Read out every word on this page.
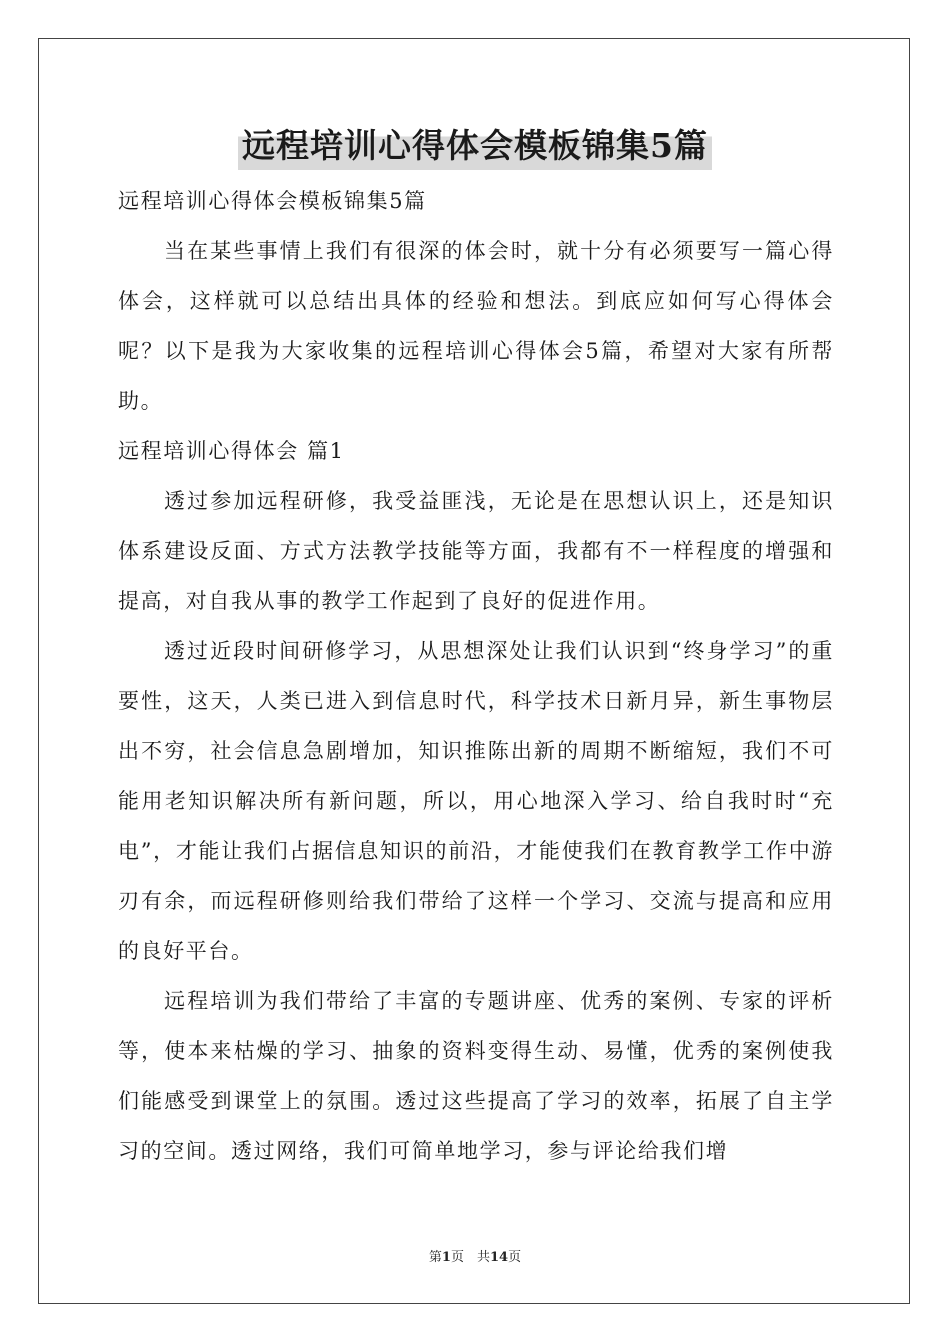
远程培训心得体会模板锦集5篇

远程培训心得体会模板锦集5篇

当在某些事情上我们有很深的体会时，就十分有必须要写一篇心得体会，这样就可以总结出具体的经验和想法。到底应如何写心得体会呢？以下是我为大家收集的远程培训心得体会5篇，希望对大家有所帮助。

远程培训心得体会 篇1

透过参加远程研修，我受益匪浅，无论是在思想认识上，还是知识体系建设反面、方式方法教学技能等方面，我都有不一样程度的增强和提高，对自我从事的教学工作起到了良好的促进作用。

透过近段时间研修学习，从思想深处让我们认识到“终身学习”的重要性，这天，人类已进入到信息时代，科学技术日新月异，新生事物层出不穷，社会信息急剧增加，知识推陈出新的周期不断缩短，我们不可能用老知识解决所有新问题，所以，用心地深入学习、给自我时时“充电”，才能让我们占据信息知识的前沿，才能使我们在教育教学工作中游刃有余，而远程研修则给我们带给了这样一个学习、交流与提高和应用的良好平台。

远程培训为我们带给了丰富的专题讲座、优秀的案例、专家的评析等，使本来枯燥的学习、抽象的资料变得生动、易懂，优秀的案例使我们能感受到课堂上的氛围。透过这些提高了学习的效率，拓展了自主学习的空间。透过网络，我们可简单地学习，参与评论给我们增

第1页　共14页
